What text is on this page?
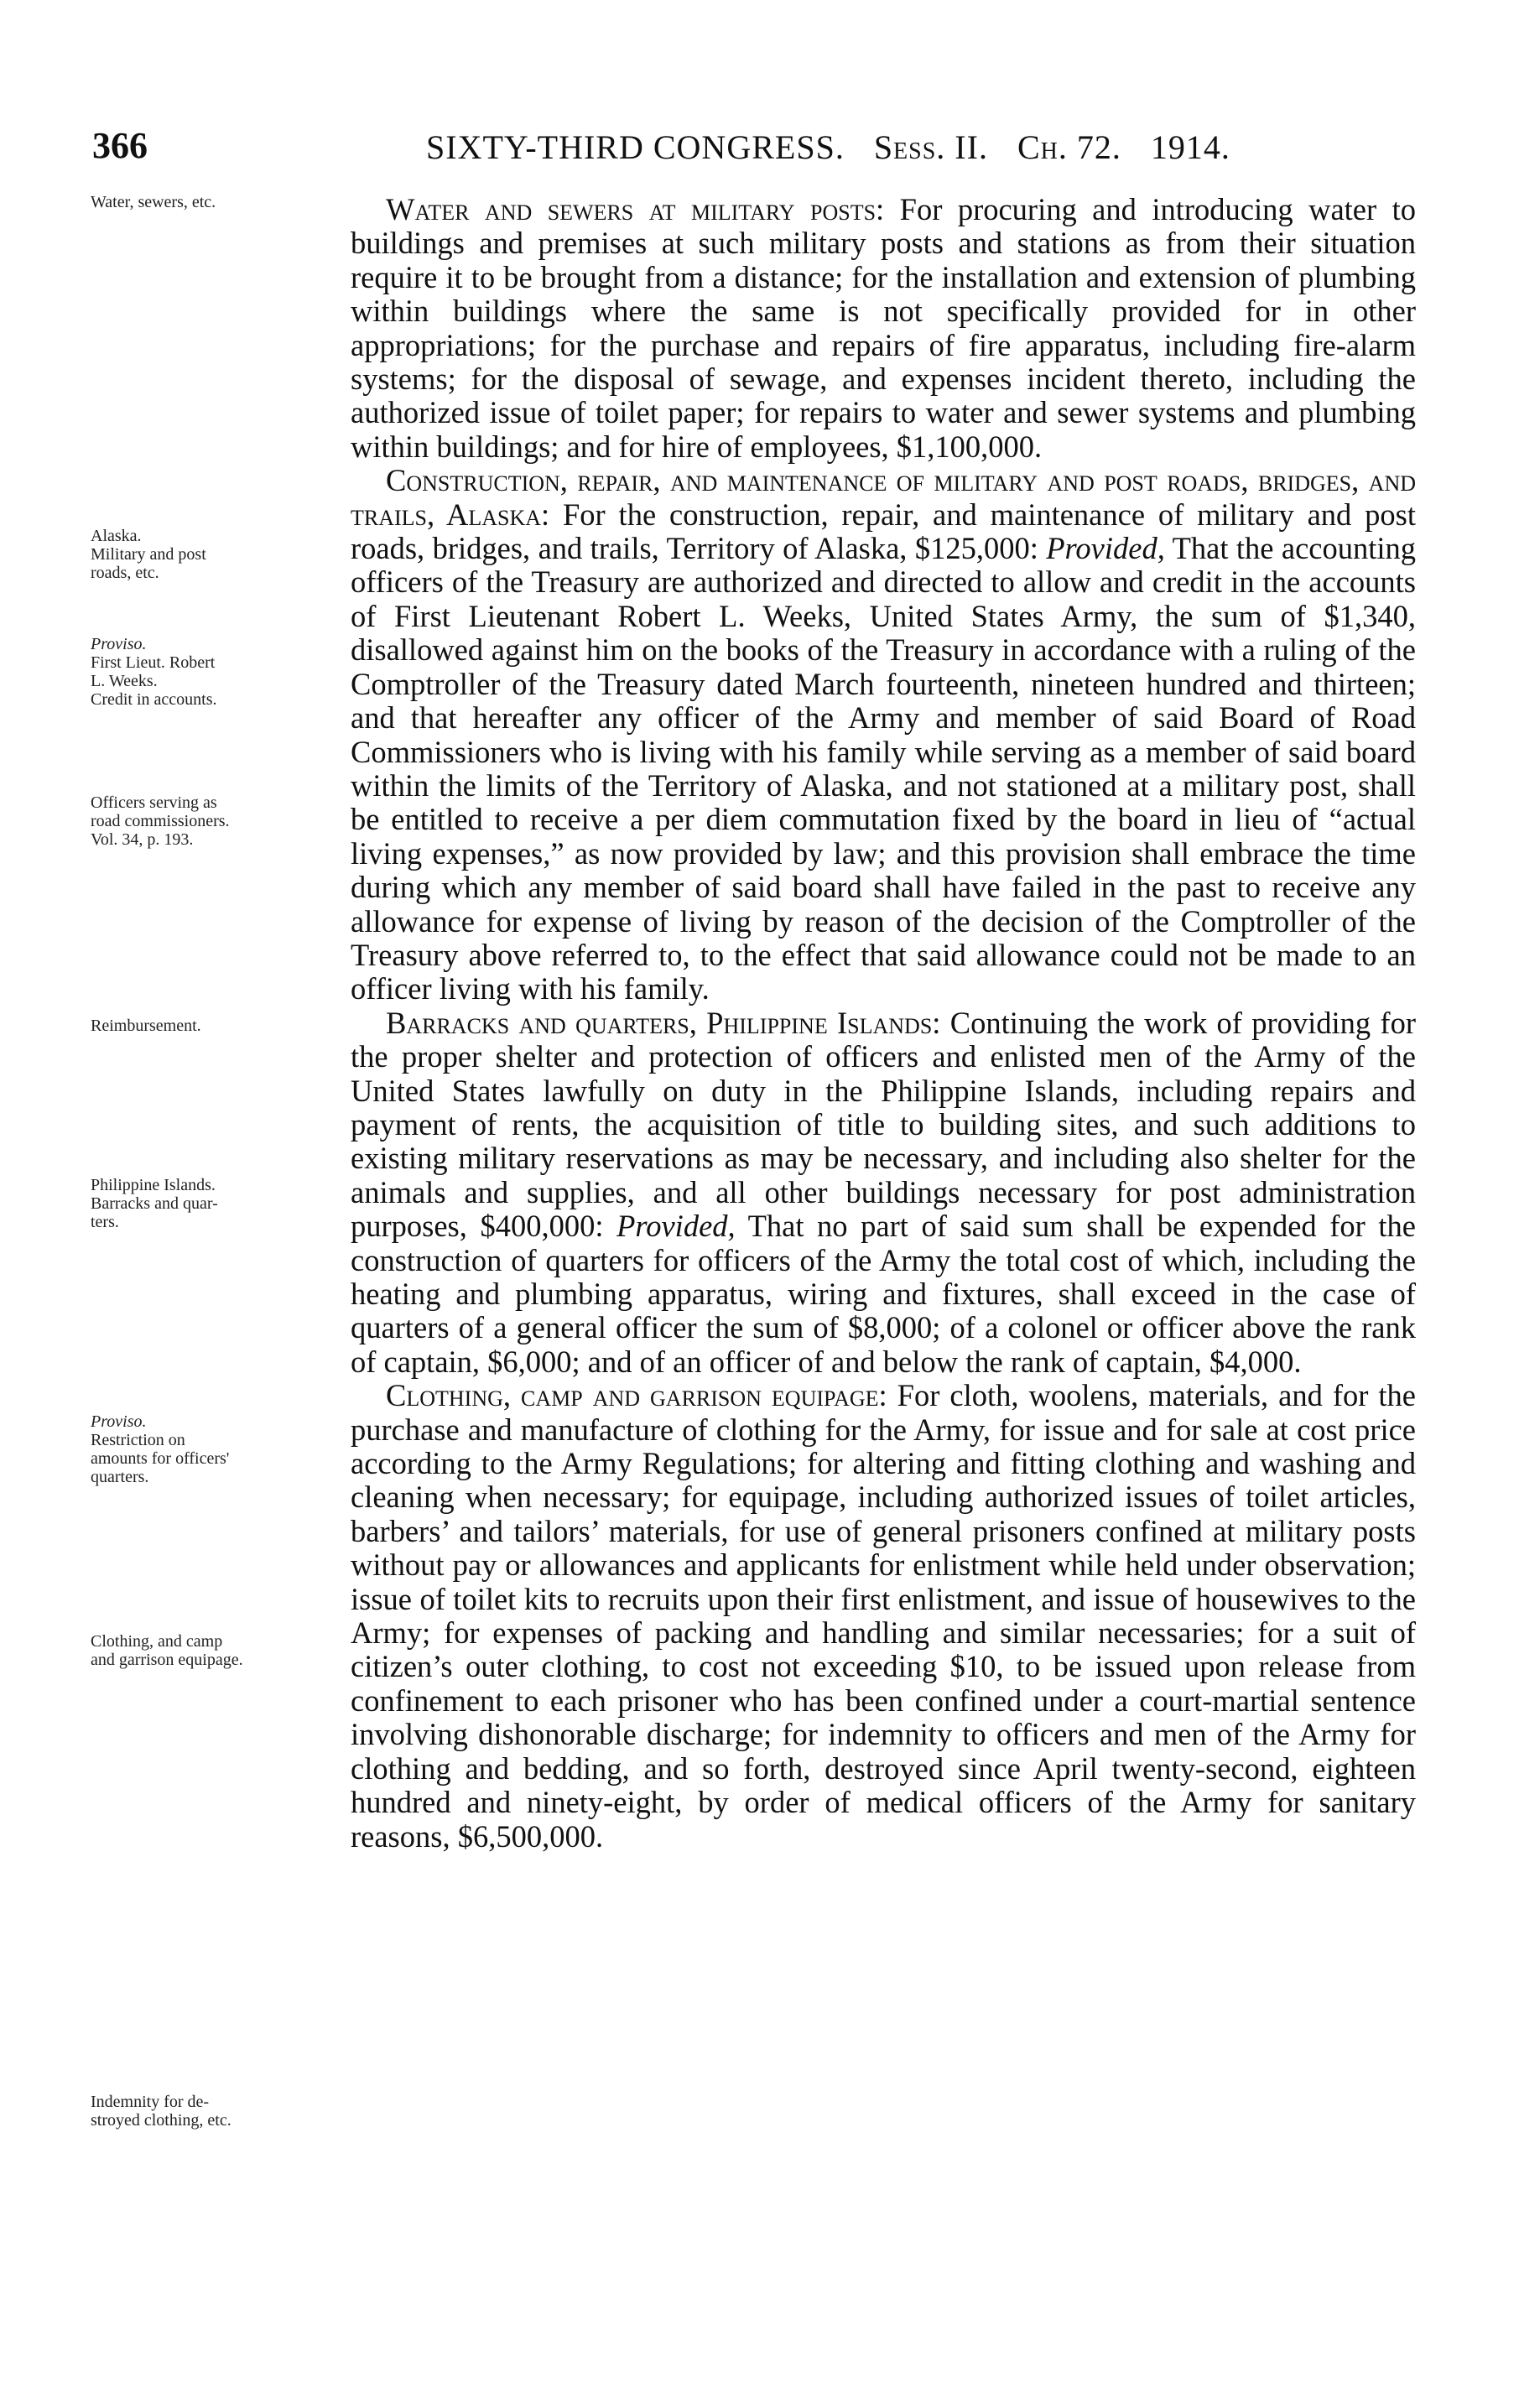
366	SIXTY-THIRD CONGRESS. Sess. II. Ch. 72. 1914.
Water, sewers, etc.
Alaska.
Military and post
roads, etc.
Proviso.
First Lieut. Robert
L. Weeks.
Credit in accounts.
Officers serving as
road commissioners.
Vol. 34, p. 193.
Reimbursement.
Philippine Islands.
Barracks and quar-
ters.
Proviso.
Restriction on
amounts for officers'
quarters.
Clothing, and camp
and garrison equipage.
Indemnity for de-
stroyed clothing, etc.

Water and sewers at military posts: For procuring and introducing water to buildings and premises at such military posts and stations as from their situation require it to be brought from a distance; for the installation and extension of plumbing within buildings where the same is not specifically provided for in other appropriations; for the purchase and repairs of fire apparatus, including fire-alarm systems; for the disposal of sewage, and expenses incident thereto, including the authorized issue of toilet paper; for repairs to water and sewer systems and plumbing within buildings; and for hire of employees, $1,100,000.

Construction, repair, and maintenance of military and post roads, bridges, and trails, Alaska: For the construction, repair, and maintenance of military and post roads, bridges, and trails, Territory of Alaska, $125,000: Provided, That the accounting officers of the Treasury are authorized and directed to allow and credit in the accounts of First Lieutenant Robert L. Weeks, United States Army, the sum of $1,340, disallowed against him on the books of the Treasury in accordance with a ruling of the Comptroller of the Treasury dated March fourteenth, nineteen hundred and thirteen; and that hereafter any officer of the Army and member of said Board of Road Commissioners who is living with his family while serving as a member of said board within the limits of the Territory of Alaska, and not stationed at a military post, shall be entitled to receive a per diem commutation fixed by the board in lieu of “actual living expenses,” as now provided by law; and this provision shall embrace the time during which any member of said board shall have failed in the past to receive any allowance for expense of living by reason of the decision of the Comptroller of the Treasury above referred to, to the effect that said allowance could not be made to an officer living with his family.

Barracks and quarters, Philippine Islands: Continuing the work of providing for the proper shelter and protection of officers and enlisted men of the Army of the United States lawfully on duty in the Philippine Islands, including repairs and payment of rents, the acquisition of title to building sites, and such additions to existing military reservations as may be necessary, and including also shelter for the animals and supplies, and all other buildings necessary for post administration purposes, $400,000: Provided, That no part of said sum shall be expended for the construction of quarters for officers of the Army the total cost of which, including the heating and plumbing apparatus, wiring and fixtures, shall exceed in the case of quarters of a general officer the sum of $8,000; of a colonel or officer above the rank of captain, $6,000; and of an officer of and below the rank of captain, $4,000.

Clothing, camp and garrison equipage: For cloth, woolens, materials, and for the purchase and manufacture of clothing for the Army, for issue and for sale at cost price according to the Army Regulations; for altering and fitting clothing and washing and cleaning when necessary; for equipage, including authorized issues of toilet articles, barbers’ and tailors’ materials, for use of general prisoners confined at military posts without pay or allowances and applicants for enlistment while held under observation; issue of toilet kits to recruits upon their first enlistment, and issue of housewives to the Army; for expenses of packing and handling and similar necessaries; for a suit of citizen’s outer clothing, to cost not exceeding $10, to be issued upon release from confinement to each prisoner who has been confined under a court-martial sentence involving dishonorable discharge; for indemnity to officers and men of the Army for clothing and bedding, and so forth, destroyed since April twenty-second, eighteen hundred and ninety-eight, by order of medical officers of the Army for sanitary reasons, $6,500,000.
